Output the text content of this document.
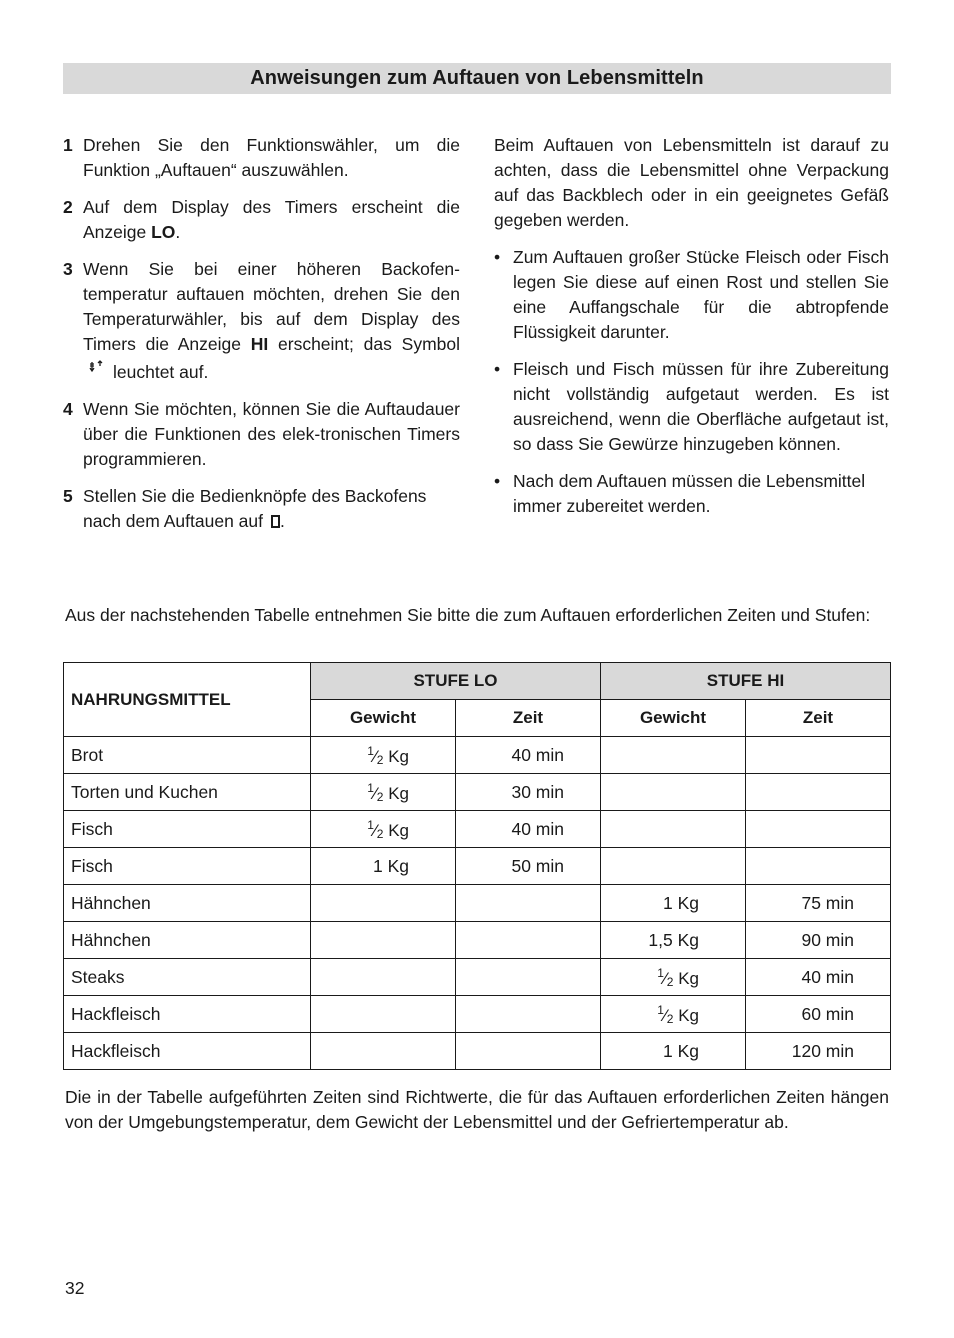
Anweisungen zum Auftauen von Lebensmitteln
1 Drehen Sie den Funktionswähler, um die Funktion „Auftauen“ auszuwählen.
2 Auf dem Display des Timers erscheint die Anzeige LO.
3 Wenn Sie bei einer höheren Backofen-temperatur auftauen möchten, drehen Sie den Temperaturwähler, bis auf dem Display des Timers die Anzeige HI erscheint; das Symbolleuchtet auf.
4 Wenn Sie möchten, können Sie die Auftaudauer über die Funktionen des elek-tronischen Timers programmieren.
5 Stellen Sie die Bedienknöpfe des Backofens nach dem Auftauen auf .

Beim Auftauen von Lebensmitteln ist darauf zu achten, dass die Lebensmittel ohne Verpackung auf das Backblech oder in ein geeignetes Gefäß gegeben werden.

• Zum Auftauen großer Stücke Fleisch oder Fisch legen Sie diese auf einen Rost und stellen Sie eine Auffangschale für die abtropfende Flüssigkeit darunter.
• Fleisch und Fisch müssen für ihre Zubereitung nicht vollständig aufgetaut werden. Es ist ausreichend, wenn die Oberfläche aufgetaut ist, so dass Sie Gewürze hinzugeben können.
• Nach dem Auftauen müssen die Lebensmittel immer zubereitet werden.
Aus der nachstehenden Tabelle entnehmen Sie bitte die zum Auftauen erforderlichen Zeiten und Stufen:
NAHRUNGSMITTEL	STUFE LO		STUFE HI	
	Gewicht	Zeit	Gewicht	Zeit
Brot	$^1⁄_2$ Kg	40 min		
Torten und Kuchen	$^1⁄_2$ Kg	30 min		
Fisch	$^1⁄_2$ Kg	40 min		
Fisch	1 Kg	50 min		
Hähnchen			1 Kg	75 min
Hähnchen			1,5 Kg	90 min
Steaks			$^1⁄_2$ Kg	40 min
Hackfleisch			$^1⁄_2$ Kg	60 min
Hackfleisch			1 Kg	120 min
Die in der Tabelle aufgeführten Zeiten sind Richtwerte, die für das Auftauen erforderlichen Zeiten hängen von der Umgebungstemperatur, dem Gewicht der Lebensmittel und der Gefriertemperatur ab.
32
